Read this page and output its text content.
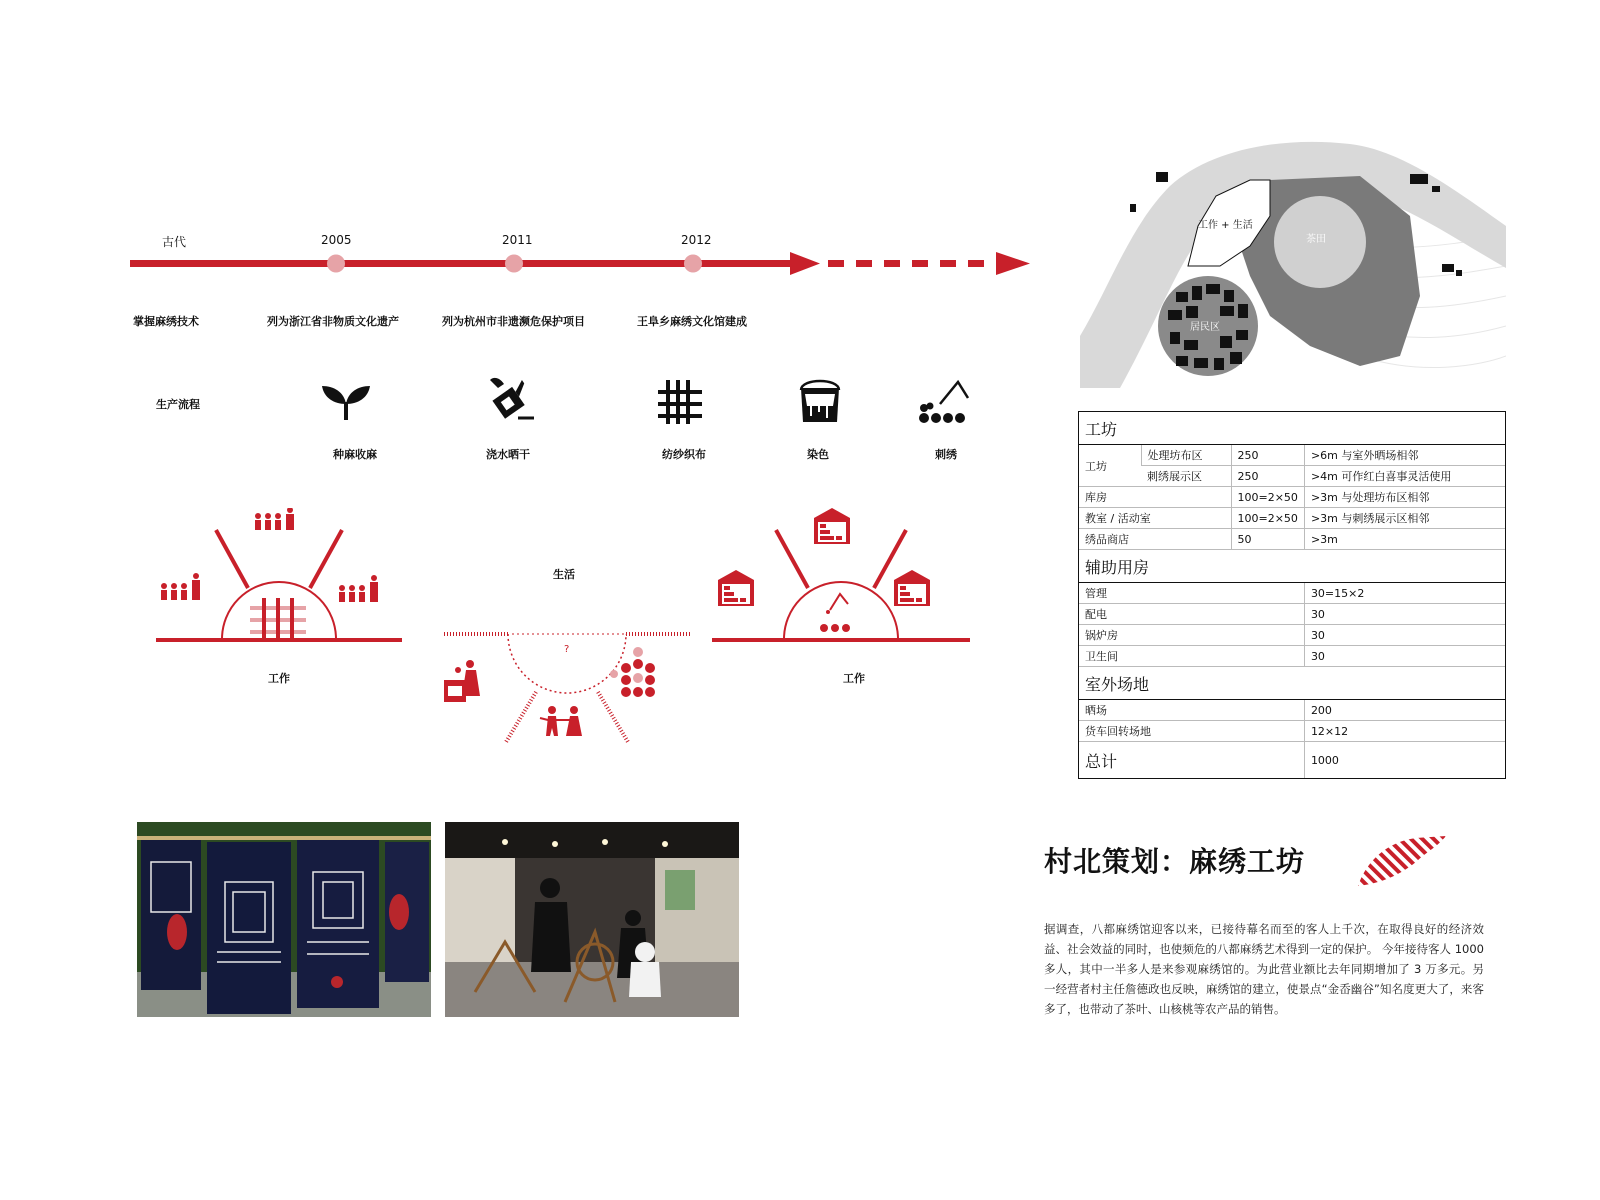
古代	2005	2011	2012
掌握麻绣技术	列为浙江省非物质文化遗产	列为杭州市非遗濒危保护项目	王阜乡麻绣文化馆建成
生产流程
种麻收麻	浇水晒干	纺纱织布	染色	刺绣
工作
生活
?
工作
工作 + 生活
茶田
居民区
工坊			
工坊	处理坊布区	250	>6m 与室外晒场相邻
	刺绣展示区	250	>4m 可作红白喜事灵活使用
库房		100=2×50	>3m 与处理坊布区相邻
教室 / 活动室		100=2×50	>3m 与刺绣展示区相邻
绣品商店		50	>3m
辅助用房			
管理			30=15×2
配电			30
锅炉房			30
卫生间			30
室外场地			
晒场			200
货车回转场地			12×12
总计			1000
村北策划：麻绣工坊
据调查，八都麻绣馆迎客以来，已接待幕名而至的客人上千次，在取得良好的经济效益、社会效益的同时，也使频危的八都麻绣艺术得到一定的保护。 今年接待客人 1000 多人，其中一半多人是来参观麻绣馆的。为此营业额比去年同期增加了 3 万多元。另一经营者村主任詹德政也反映，麻绣馆的建立，使景点“金岙幽谷”知名度更大了，来客多了，也带动了茶叶、山核桃等农产品的销售。
